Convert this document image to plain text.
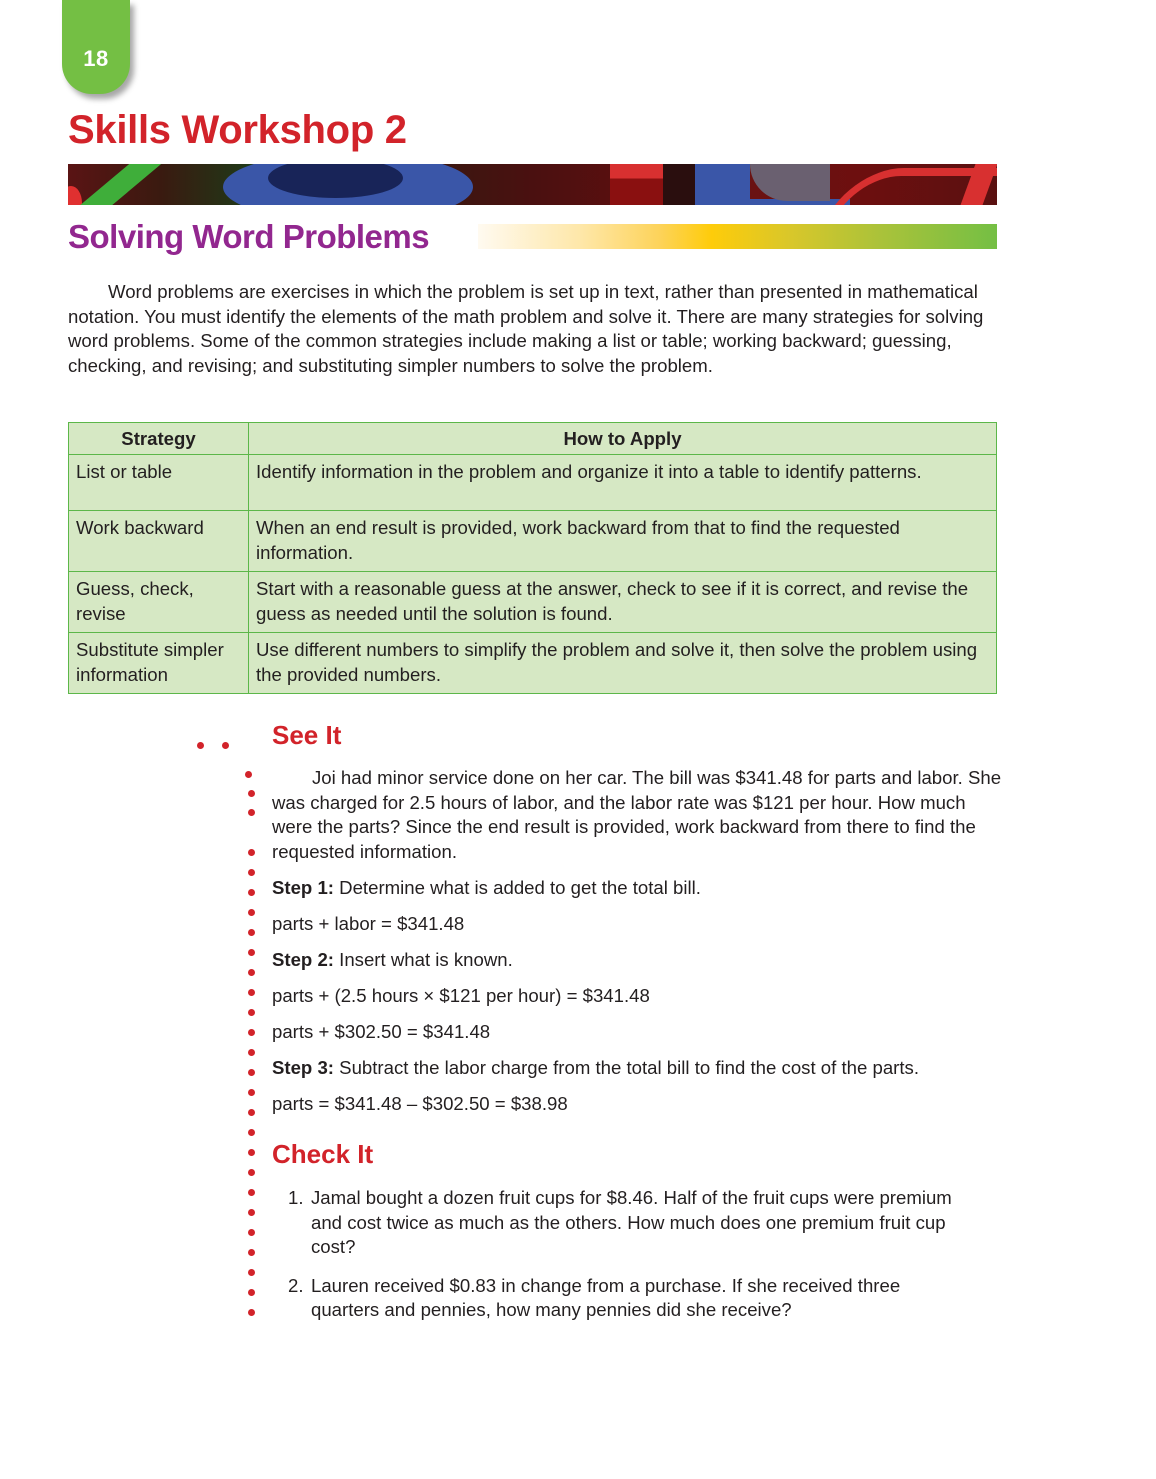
18
Skills Workshop 2
Solving Word Problems

Word problems are exercises in which the problem is set up in text, rather than presented in mathematical notation. You must identify the elements of the math problem and solve it. There are many strategies for solving word problems. Some of the common strategies include making a list or table; working backward; guessing, checking, and revising; and substituting simpler numbers to solve the problem.

Strategy	How to Apply
List or table	Identify information in the problem and organize it into a table to identify patterns.
Work backward	When an end result is provided, work backward from that to find the requested information.
Guess, check, revise	Start with a reasonable guess at the answer, check to see if it is correct, and revise the guess as needed until the solution is found.
Substitute simpler information	Use different numbers to simplify the problem and solve it, then solve the problem using the provided numbers.
See It

Joi had minor service done on her car. The bill was $341.48 for parts and labor. She was charged for 2.5 hours of labor, and the labor rate was $121 per hour. How much were the parts? Since the end result is provided, work backward from there to find the requested information.

Step 1: Determine what is added to get the total bill.
parts + labor = $341.48
Step 2: Insert what is known.
parts + (2.5 hours × $121 per hour) = $341.48
parts + $302.50 = $341.48
Step 3: Subtract the labor charge from the total bill to find the cost of the parts.
parts = $341.48 – $302.50 = $38.98
Check It
1. Jamal bought a dozen fruit cups for $8.46. Half of the fruit cups were premium and cost twice as much as the others. How much does one premium fruit cup cost?
2. Lauren received $0.83 in change from a purchase. If she received three quarters and pennies, how many pennies did she receive?
